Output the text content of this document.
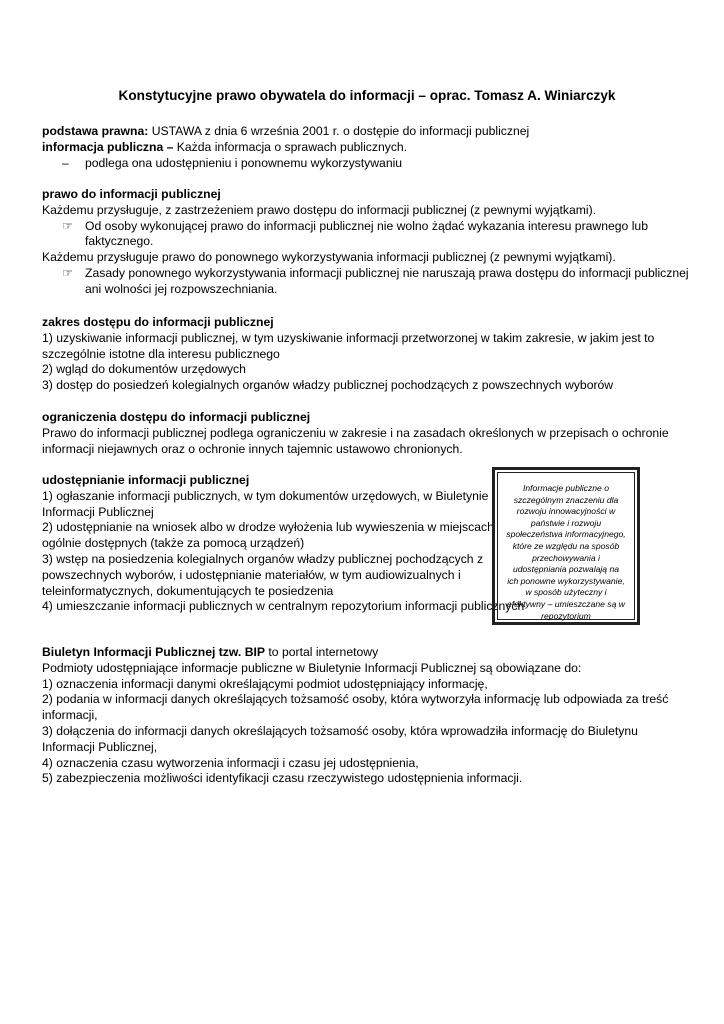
Konstytucyjne prawo obywatela do informacji – oprac. Tomasz A. Winiarczyk
podstawa prawna: USTAWA z dnia 6 września 2001 r. o dostępie do informacji publicznej
informacja publiczna – Każda informacja o sprawach publicznych.
– podlega ona udostępnieniu i ponownemu wykorzystywaniu
prawo do informacji publicznej
Każdemu przysługuje, z zastrzeżeniem prawo dostępu do informacji publicznej (z pewnymi wyjątkami).
☞ Od osoby wykonującej prawo do informacji publicznej nie wolno żądać wykazania interesu prawnego lub
faktycznego.
Każdemu przysługuje prawo do ponownego wykorzystywania informacji publicznej (z pewnymi wyjątkami).
☞ Zasady ponownego wykorzystywania informacji publicznej nie naruszają prawa dostępu do informacji publicznej
ani wolności jej rozpowszechniania.
zakres dostępu do informacji publicznej
1) uzyskiwanie informacji publicznej, w tym uzyskiwanie informacji przetworzonej w takim zakresie, w jakim jest to
szczególnie istotne dla interesu publicznego
2) wgląd do dokumentów urzędowych
3) dostęp do posiedzeń kolegialnych organów władzy publicznej pochodzących z powszechnych wyborów
ograniczenia dostępu do informacji publicznej
Prawo do informacji publicznej podlega ograniczeniu w zakresie i na zasadach określonych w przepisach o ochronie
informacji niejawnych oraz o ochronie innych tajemnic ustawowo chronionych.
udostępnianie informacji publicznej
1) ogłaszanie informacji publicznych, w tym dokumentów urzędowych, w Biuletynie
Informacji Publicznej
2) udostępnianie na wniosek albo w drodze wyłożenia lub wywieszenia w miejscach
ogólnie dostępnych (także za pomocą urządzeń)
3) wstęp na posiedzenia kolegialnych organów władzy publicznej pochodzących z
powszechnych wyborów, i udostępnianie materiałów, w tym audiowizualnych i
teleinformatycznych, dokumentujących te posiedzenia
4) umieszczanie informacji publicznych w centralnym repozytorium informacji publicznych
Biuletyn Informacji Publicznej tzw. BIP to portal internetowy
Podmioty udostępniające informacje publiczne w Biuletynie Informacji Publicznej są obowiązane do:
1) oznaczenia informacji danymi określającymi podmiot udostępniający informację,
2) podania w informacji danych określających tożsamość osoby, która wytworzyła informację lub odpowiada za treść
informacji,
3) dołączenia do informacji danych określających tożsamość osoby, która wprowadziła informację do Biuletynu
Informacji Publicznej,
4) oznaczenia czasu wytworzenia informacji i czasu jej udostępnienia,
5) zabezpieczenia możliwości identyfikacji czasu rzeczywistego udostępnienia informacji.
Informacje publiczne o
szczególnym znaczeniu dla
rozwoju innowacyjności w
państwie i rozwoju
społeczeństwa informacyjnego,
które ze względu na sposób
przechowywania i
udostępniania pozwalają na
ich ponowne wykorzystywanie,
w sposób użyteczny i
efektywny – umieszczane są w
repozytorium
